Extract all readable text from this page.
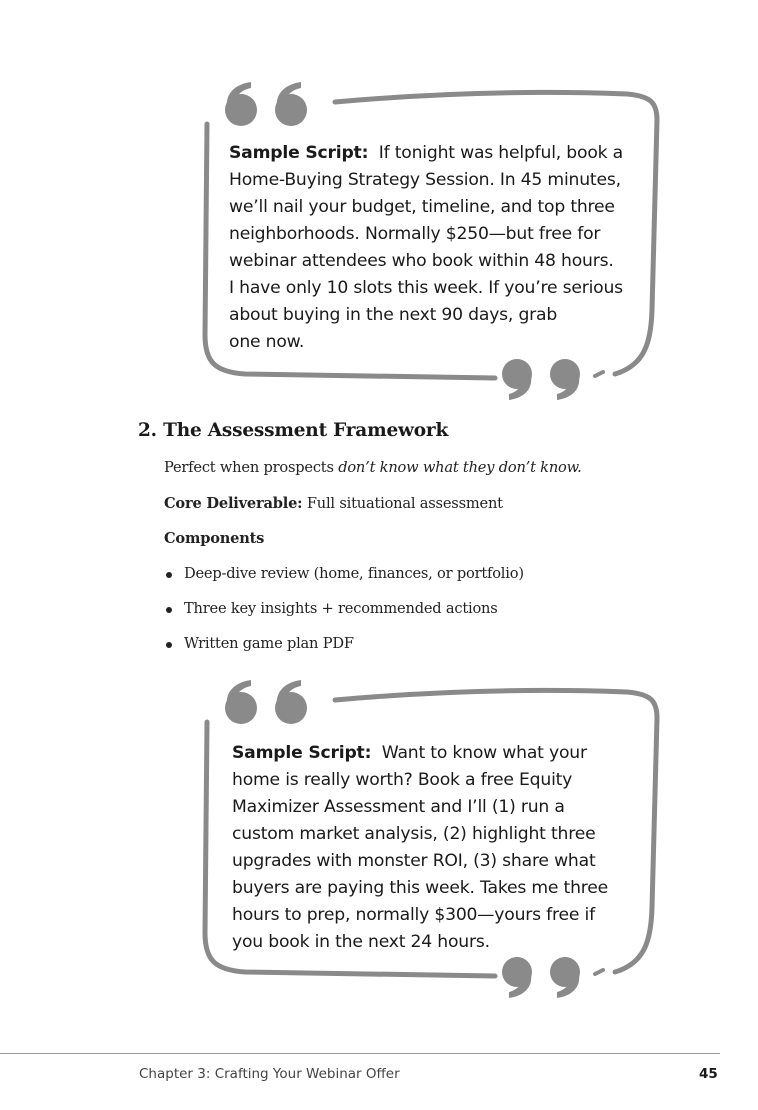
Sample Script: If tonight was helpful, book a
Home-Buying Strategy Session. In 45 minutes,
we’ll nail your budget, timeline, and top three
neighborhoods. Normally $250—but free for
webinar attendees who book within 48 hours.
I have only 10 slots this week. If you’re serious
about buying in the next 90 days, grab
one now.
2. The Assessment Framework
Perfect when prospects don’t know what they don’t know.
Core Deliverable: Full situational assessment
Components
Deep-dive review (home, finances, or portfolio)
Three key insights + recommended actions
Written game plan PDF
Sample Script: Want to know what your
home is really worth? Book a free Equity
Maximizer Assessment and I’ll (1) run a
custom market analysis, (2) highlight three
upgrades with monster ROI, (3) share what
buyers are paying this week. Takes me three
hours to prep, normally $300—yours free if
you book in the next 24 hours.
Chapter 3: Crafting Your Webinar Offer	45
